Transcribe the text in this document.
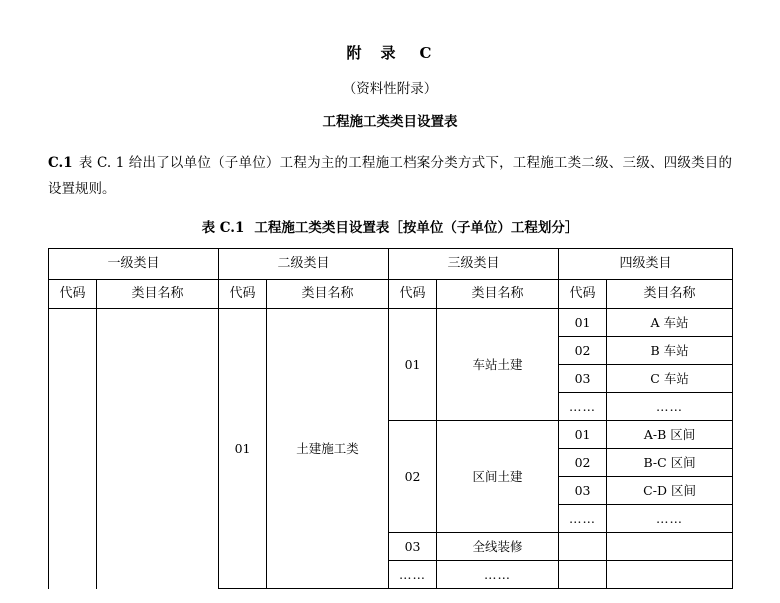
附　录 C
（资料性附录）
工程施工类类目设置表
C.1 表 C. 1 给出了以单位（子单位）工程为主的工程施工档案分类方式下，工程施工类二级、三级、四级类目的设置规则。
表 C.1 工程施工类类目设置表［按单位（子单位）工程划分］
一级类目		二级类目		三级类目		四级类目	
代码	类目名称	代码	类目名称	代码	类目名称	代码	类目名称
		01	土建施工类	01	车站土建	01	A 车站
						02	B 车站
						03	C 车站
						……	……
				02	区间土建	01	A-B 区间
						02	B-C 区间
						03	C-D 区间
						……	……
				03	全线装修		
				……	……		
